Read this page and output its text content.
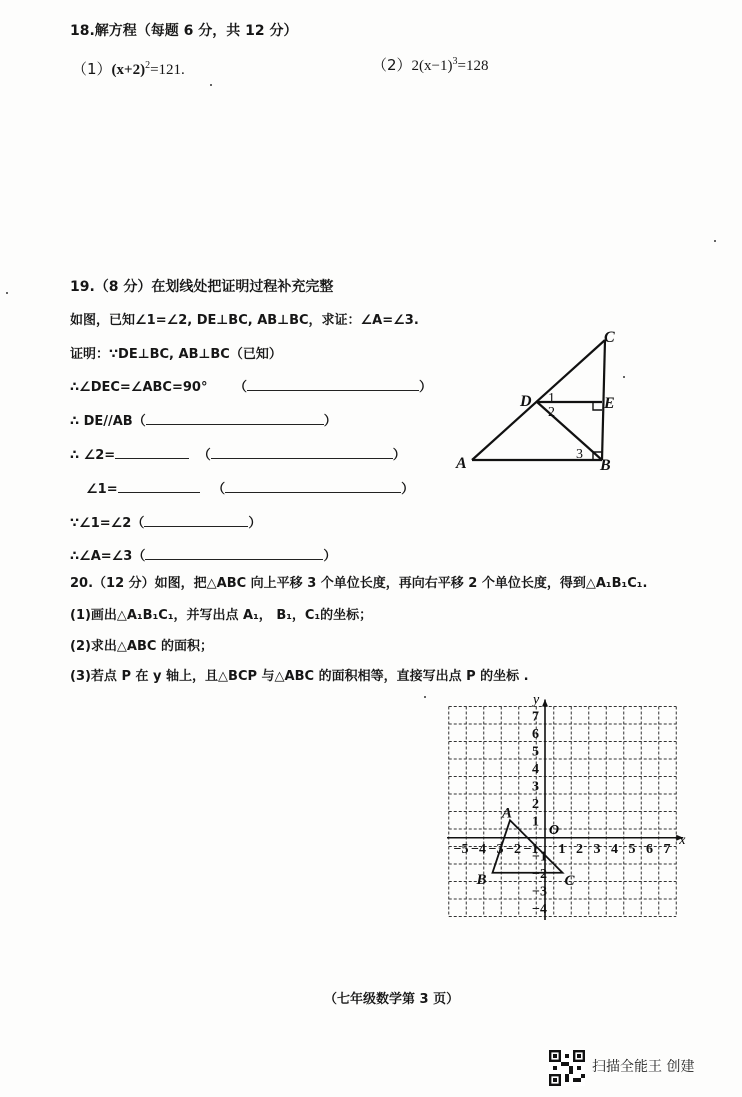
18.解方程（每题 6 分，共 12 分）
$(1)(x+2)^2=121$.	$(2)2(x-1)^3=128$
19.（8 分）在划线处把证明过程补充完整
如图，已知∠1=∠2, DE⊥BC, AB⊥BC，求证：∠A=∠3.
证明：∵DE⊥BC, AB⊥BC（已知）
∴∠DEC=∠ABC=90° （	）
∴ DE//AB（	）
∴ ∠2=	（	）
∠1=	（	）
∵∠1=∠2（	）
∴∠A=∠3（	）
C
D	E
A	B
1
2
3
20.（12 分）如图，把△ABC 向上平移 3 个单位长度，再向右平移 2 个单位长度，得到△A₁B₁C₁.
(1)画出△A₁B₁C₁，并写出点 A₁， B₁，C₁的坐标；
(2)求出△ABC 的面积；
(3)若点 P 在 y 轴上，且△BCP 与△ABC 的面积相等，直接写出点 P 的坐标 .
−5 −4 −3 −2 −1 1 2 3 4 5 6 7
7
6
5
4
3
2
1
−1
−2
−3
−4
A
B	C
x
y
O
（七年级数学第 3 页）
扫描全能王 创建
